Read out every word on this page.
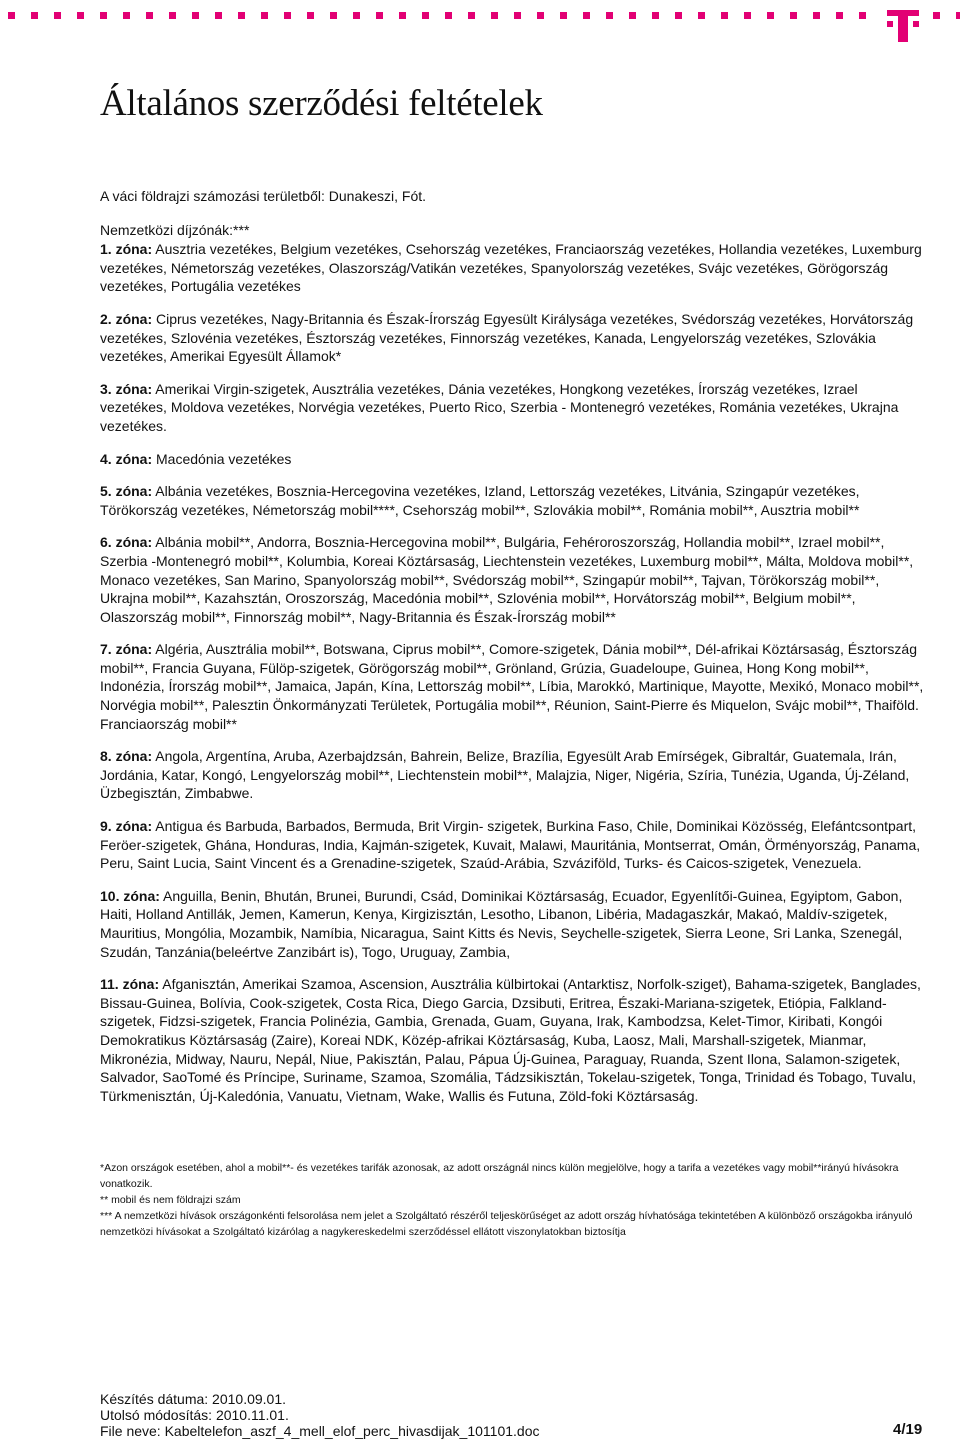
Általános szerződési feltételek

A váci földrajzi számozási területből: Dunakeszi, Fót.

Nemzetközi díjzónák:***

1. zóna: Ausztria vezetékes, Belgium vezetékes, Csehország vezetékes, Franciaország vezetékes, Hollandia vezetékes, Luxemburg vezetékes, Németország vezetékes, Olaszország/Vatikán vezetékes, Spanyolország vezetékes, Svájc vezetékes, Görögország vezetékes, Portugália vezetékes

2. zóna: Ciprus vezetékes, Nagy-Britannia és Észak-Írország Egyesült Királysága vezetékes, Svédország vezetékes, Horvátország vezetékes, Szlovénia vezetékes, Észtország vezetékes, Finnország vezetékes, Kanada, Lengyelország vezetékes, Szlovákia vezetékes, Amerikai Egyesült Államok*

3. zóna: Amerikai Virgin-szigetek, Ausztrália vezetékes, Dánia vezetékes, Hongkong vezetékes, Írország vezetékes, Izrael vezetékes, Moldova vezetékes, Norvégia vezetékes, Puerto Rico, Szerbia - Montenegró vezetékes, Románia vezetékes, Ukrajna vezetékes.

4. zóna: Macedónia vezetékes

5. zóna: Albánia vezetékes, Bosznia-Hercegovina vezetékes, Izland, Lettország vezetékes, Litvánia, Szingapúr vezetékes, Törökország vezetékes, Németország mobil****, Csehország mobil**, Szlovákia mobil**, Románia mobil**, Ausztria mobil**

6. zóna: Albánia mobil**, Andorra, Bosznia-Hercegovina mobil**, Bulgária, Fehéroroszország, Hollandia mobil**, Izrael mobil**, Szerbia -Montenegró mobil**, Kolumbia, Koreai Köztársaság, Liechtenstein vezetékes, Luxemburg mobil**, Málta, Moldova mobil**, Monaco vezetékes, San Marino, Spanyolország mobil**, Svédország mobil**, Szingapúr mobil**, Tajvan, Törökország mobil**, Ukrajna mobil**, Kazahsztán, Oroszország, Macedónia mobil**, Szlovénia mobil**, Horvátország mobil**, Belgium mobil**, Olaszország mobil**, Finnország mobil**, Nagy-Britannia és Észak-Írország mobil**

7. zóna: Algéria, Ausztrália mobil**, Botswana, Ciprus mobil**, Comore-szigetek, Dánia mobil**, Dél-afrikai Köztársaság, Észtország mobil**, Francia Guyana, Fülöp-szigetek, Görögország mobil**, Grönland, Grúzia, Guadeloupe, Guinea, Hong Kong mobil**, Indonézia, Írország mobil**, Jamaica, Japán, Kína, Lettország mobil**, Líbia, Marokkó, Martinique, Mayotte, Mexikó, Monaco mobil**, Norvégia mobil**, Palesztin Önkormányzati Területek, Portugália mobil**, Réunion, Saint-Pierre és Miquelon, Svájc mobil**, Thaiföld. Franciaország mobil**

8. zóna: Angola, Argentína, Aruba, Azerbajdzsán, Bahrein, Belize, Brazília, Egyesült Arab Emírségek, Gibraltár, Guatemala, Irán, Jordánia, Katar, Kongó, Lengyelország mobil**, Liechtenstein mobil**, Malajzia, Niger, Nigéria, Szíria, Tunézia, Uganda, Új-Zéland, Üzbegisztán, Zimbabwe.

9. zóna: Antigua és Barbuda, Barbados, Bermuda, Brit Virgin- szigetek, Burkina Faso, Chile, Dominikai Közösség, Elefántcsontpart, Feröer-szigetek, Ghána, Honduras, India, Kajmán-szigetek, Kuvait, Malawi, Mauritánia, Montserrat, Omán, Örményország, Panama, Peru, Saint Lucia, Saint Vincent és a Grenadine-szigetek, Szaúd-Arábia, Szváziföld, Turks- és Caicos-szigetek, Venezuela.

10. zóna: Anguilla, Benin, Bhután, Brunei, Burundi, Csád, Dominikai Köztársaság, Ecuador, Egyenlítői-Guinea, Egyiptom, Gabon, Haiti, Holland Antillák, Jemen, Kamerun, Kenya, Kirgizisztán, Lesotho, Libanon, Libéria, Madagaszkár, Makaó, Maldív-szigetek, Mauritius, Mongólia, Mozambik, Namíbia, Nicaragua, Saint Kitts és Nevis, Seychelle-szigetek, Sierra Leone, Sri Lanka, Szenegál, Szudán, Tanzánia(beleértve Zanzibárt is), Togo, Uruguay, Zambia,

11. zóna: Afganisztán, Amerikai Szamoa, Ascension, Ausztrália külbirtokai (Antarktisz, Norfolk-sziget), Bahama-szigetek, Banglades, Bissau-Guinea, Bolívia, Cook-szigetek, Costa Rica, Diego Garcia, Dzsibuti, Eritrea, Északi-Mariana-szigetek, Etiópia, Falkland-szigetek, Fidzsi-szigetek, Francia Polinézia, Gambia, Grenada, Guam, Guyana, Irak, Kambodzsa, Kelet-Timor, Kiribati, Kongói Demokratikus Köztársaság (Zaire), Koreai NDK, Közép-afrikai Köztársaság, Kuba, Laosz, Mali, Marshall-szigetek, Mianmar, Mikronézia, Midway, Nauru, Nepál, Niue, Pakisztán, Palau, Pápua Új-Guinea, Paraguay, Ruanda, Szent Ilona, Salamon-szigetek, Salvador, SaoTomé és Príncipe, Suriname, Szamoa, Szomália, Tádzsikisztán, Tokelau-szigetek, Tonga, Trinidad és Tobago, Tuvalu, Türkmenisztán, Új-Kaledónia, Vanuatu, Vietnam, Wake, Wallis és Futuna, Zöld-foki Köztársaság.

*Azon országok esetében, ahol a mobil**- és vezetékes tarifák azonosak, az adott országnál nincs külön megjelölve, hogy a tarifa a vezetékes vagy mobil**irányú hívásokra vonatkozik.

** mobil és nem földrajzi szám

*** A nemzetközi hívások országonkénti felsorolása nem jelet a Szolgáltató részéről teljeskörűséget az adott ország hívhatósága tekintetében A különböző országokba irányuló nemzetközi hívásokat a Szolgáltató kizárólag a nagykereskedelmi szerződéssel ellátott viszonylatokban biztosítja

Készítés dátuma: 2010.09.01.

Utolsó módosítás: 2010.11.01.

File neve: Kabeltelefon_aszf_4_mell_elof_perc_hivasdijak_101101.doc	4/19
